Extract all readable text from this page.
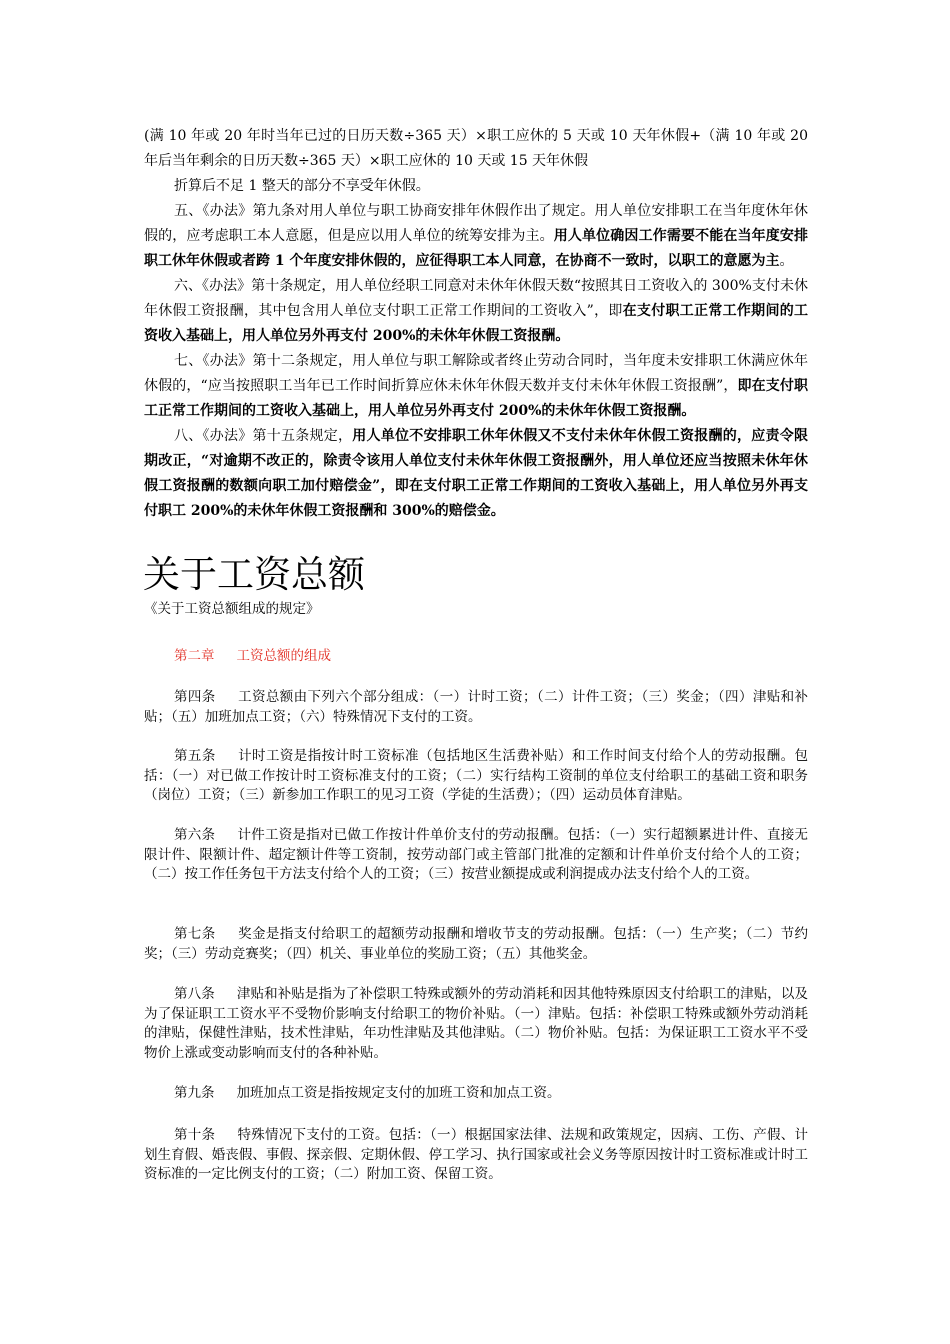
(满 10 年或 20 年时当年已过的日历天数÷365 天）×职工应休的 5 天或 10 天年休假+（满 10 年或 20 年后当年剩余的日历天数÷365 天）×职工应休的 10 天或 15 天年休假

折算后不足 1 整天的部分不享受年休假。

五、《办法》第九条对用人单位与职工协商安排年休假作出了规定。用人单位安排职工在当年度休年休假的，应考虑职工本人意愿，但是应以用人单位的统筹安排为主。用人单位确因工作需要不能在当年度安排职工休年休假或者跨 1 个年度安排休假的，应征得职工本人同意，在协商不一致时，以职工的意愿为主。

六、《办法》第十条规定，用人单位经职工同意对未休年休假天数“按照其日工资收入的 300%支付未休年休假工资报酬，其中包含用人单位支付职工正常工作期间的工资收入”，即在支付职工正常工作期间的工资收入基础上，用人单位另外再支付 200%的未休年休假工资报酬。

七、《办法》第十二条规定，用人单位与职工解除或者终止劳动合同时，当年度未安排职工休满应休年休假的，“应当按照职工当年已工作时间折算应休未休年休假天数并支付未休年休假工资报酬”，即在支付职工正常工作期间的工资收入基础上，用人单位另外再支付 200%的未休年休假工资报酬。

八、《办法》第十五条规定，用人单位不安排职工休年休假又不支付未休年休假工资报酬的，应责令限期改正，“对逾期不改正的，除责令该用人单位支付未休年休假工资报酬外，用人单位还应当按照未休年休假工资报酬的数额向职工加付赔偿金”，即在支付职工正常工作期间的工资收入基础上，用人单位另外再支付职工 200%的未休年休假工资报酬和 300%的赔偿金。

关于工资总额

《关于工资总额组成的规定》

第二章 工资总额的组成

第四条 工资总额由下列六个部分组成：（一）计时工资；（二）计件工资；（三）奖金；（四）津贴和补贴；（五）加班加点工资；（六）特殊情况下支付的工资。

第五条 计时工资是指按计时工资标准（包括地区生活费补贴）和工作时间支付给个人的劳动报酬。包括：（一）对已做工作按计时工资标准支付的工资；（二）实行结构工资制的单位支付给职工的基础工资和职务（岗位）工资；（三）新参加工作职工的见习工资（学徒的生活费）；（四）运动员体育津贴。

第六条 计件工资是指对已做工作按计件单价支付的劳动报酬。包括：（一）实行超额累进计件、直接无限计件、限额计件、超定额计件等工资制，按劳动部门或主管部门批准的定额和计件单价支付给个人的工资；（二）按工作任务包干方法支付给个人的工资；（三）按营业额提成或利润提成办法支付给个人的工资。

第七条 奖金是指支付给职工的超额劳动报酬和增收节支的劳动报酬。包括：（一）生产奖；（二）节约奖；（三）劳动竞赛奖；（四）机关、事业单位的奖励工资；（五）其他奖金。

第八条 津贴和补贴是指为了补偿职工特殊或额外的劳动消耗和因其他特殊原因支付给职工的津贴，以及为了保证职工工资水平不受物价影响支付给职工的物价补贴。（一）津贴。包括：补偿职工特殊或额外劳动消耗的津贴，保健性津贴，技术性津贴，年功性津贴及其他津贴。（二）物价补贴。包括：为保证职工工资水平不受物价上涨或变动影响而支付的各种补贴。

第九条 加班加点工资是指按规定支付的加班工资和加点工资。

第十条 特殊情况下支付的工资。包括：（一）根据国家法律、法规和政策规定，因病、工伤、产假、计划生育假、婚丧假、事假、探亲假、定期休假、停工学习、执行国家或社会义务等原因按计时工资标准或计时工资标准的一定比例支付的工资；（二）附加工资、保留工资。
